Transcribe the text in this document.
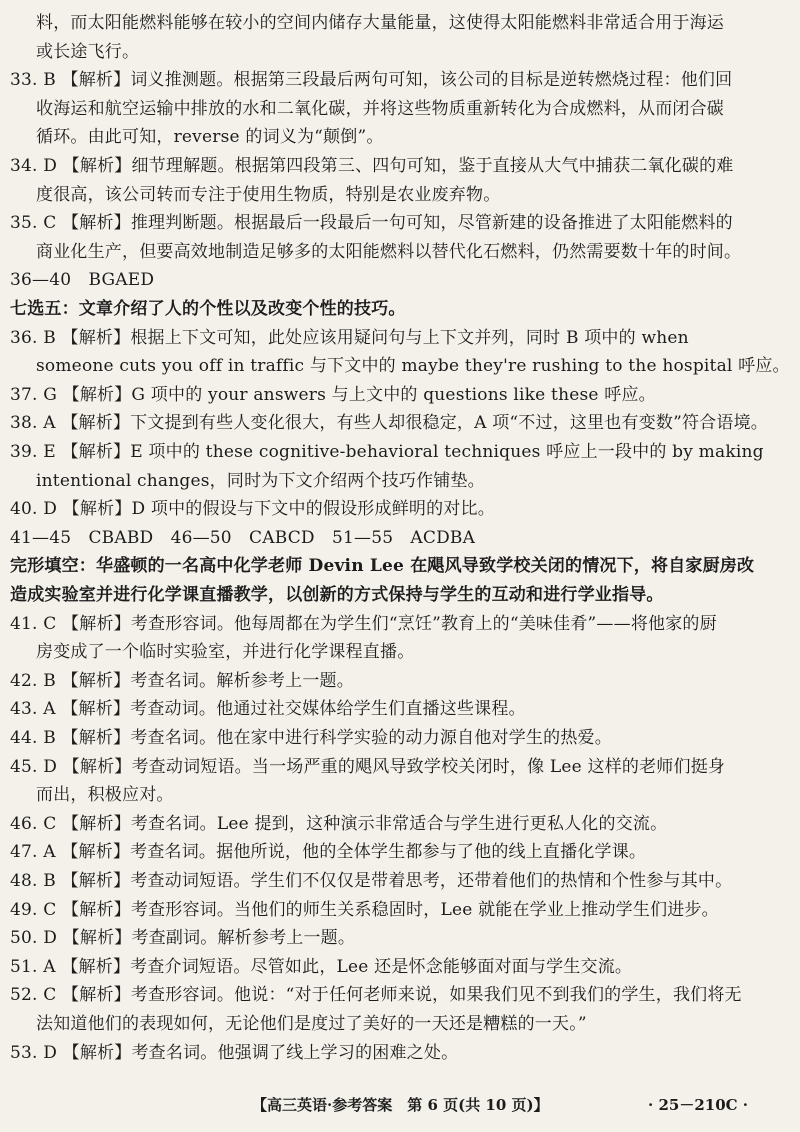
料，而太阳能燃料能够在较小的空间内储存大量能量，这使得太阳能燃料非常适合用于海运
或长途飞行。
33. B 【解析】词义推测题。根据第三段最后两句可知，该公司的目标是逆转燃烧过程：他们回
收海运和航空运输中排放的水和二氧化碳，并将这些物质重新转化为合成燃料，从而闭合碳
循环。由此可知，reverse 的词义为“颠倒”。
34. D 【解析】细节理解题。根据第四段第三、四句可知，鉴于直接从大气中捕获二氧化碳的难
度很高，该公司转而专注于使用生物质，特别是农业废弃物。
35. C 【解析】推理判断题。根据最后一段最后一句可知，尽管新建的设备推进了太阳能燃料的
商业化生产，但要高效地制造足够多的太阳能燃料以替代化石燃料，仍然需要数十年的时间。
36—40　BGAED
七选五：文章介绍了人的个性以及改变个性的技巧。
36. B 【解析】根据上下文可知，此处应该用疑问句与上下文并列，同时 B 项中的 when
someone cuts you off in traffic 与下文中的 maybe they're rushing to the hospital 呼应。
37. G 【解析】G 项中的 your answers 与上文中的 questions like these 呼应。
38. A 【解析】下文提到有些人变化很大，有些人却很稳定，A 项“不过，这里也有变数”符合语境。
39. E 【解析】E 项中的 these cognitive-behavioral techniques 呼应上一段中的 by making
intentional changes，同时为下文介绍两个技巧作铺垫。
40. D 【解析】D 项中的假设与下文中的假设形成鲜明的对比。
41—45　CBABD　46—50　CABCD　51—55　ACDBA
完形填空：华盛顿的一名高中化学老师 Devin Lee 在飓风导致学校关闭的情况下，将自家厨房改
造成实验室并进行化学课直播教学，以创新的方式保持与学生的互动和进行学业指导。
41. C 【解析】考查形容词。他每周都在为学生们“烹饪”教育上的“美味佳肴”——将他家的厨
房变成了一个临时实验室，并进行化学课程直播。
42. B 【解析】考查名词。解析参考上一题。
43. A 【解析】考查动词。他通过社交媒体给学生们直播这些课程。
44. B 【解析】考查名词。他在家中进行科学实验的动力源自他对学生的热爱。
45. D 【解析】考查动词短语。当一场严重的飓风导致学校关闭时，像 Lee 这样的老师们挺身
而出，积极应对。
46. C 【解析】考查名词。Lee 提到，这种演示非常适合与学生进行更私人化的交流。
47. A 【解析】考查名词。据他所说，他的全体学生都参与了他的线上直播化学课。
48. B 【解析】考查动词短语。学生们不仅仅是带着思考，还带着他们的热情和个性参与其中。
49. C 【解析】考查形容词。当他们的师生关系稳固时，Lee 就能在学业上推动学生们进步。
50. D 【解析】考查副词。解析参考上一题。
51. A 【解析】考查介词短语。尽管如此，Lee 还是怀念能够面对面与学生交流。
52. C 【解析】考查形容词。他说：“对于任何老师来说，如果我们见不到我们的学生，我们将无
法知道他们的表现如何，无论他们是度过了美好的一天还是糟糕的一天。”
53. D 【解析】考查名词。他强调了线上学习的困难之处。
【高三英语·参考答案　第 6 页(共 10 页)】	· 25－210C ·
